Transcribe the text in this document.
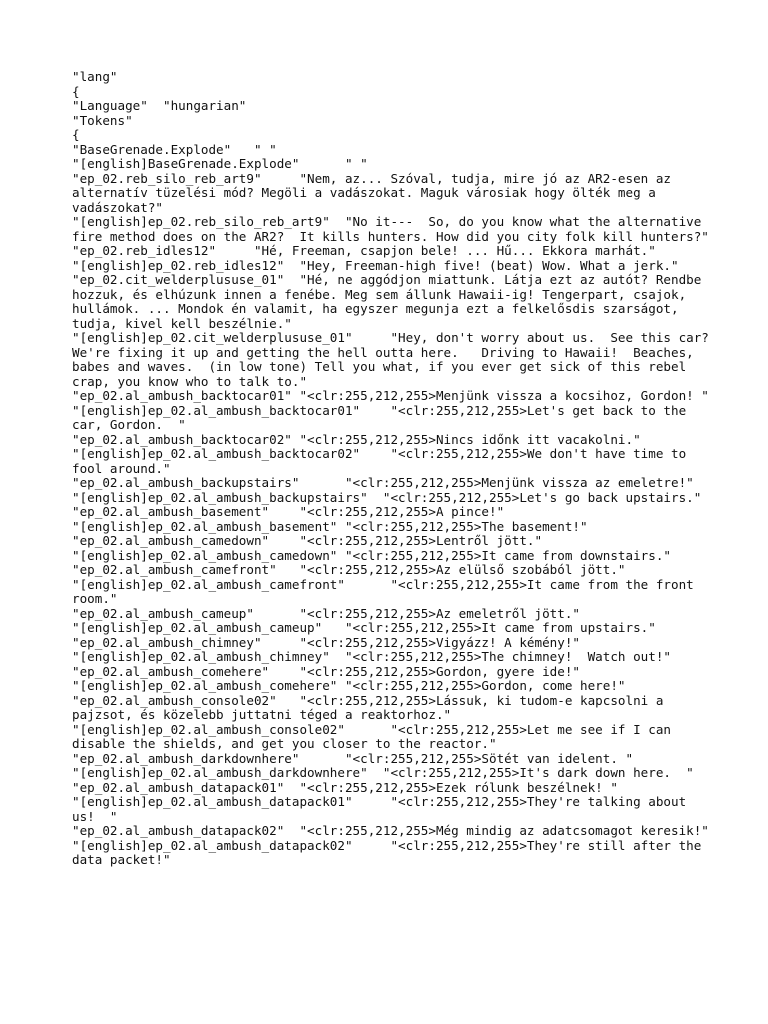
"lang"
{
"Language"  "hungarian"
"Tokens"
{
"BaseGrenade.Explode"   " "
"[english]BaseGrenade.Explode"      " "
"ep_02.reb_silo_reb_art9"     "Nem, az... Szóval, tudja, mire jó az AR2-esen az alternatív tüzelési mód? Megöli a vadászokat. Maguk városiak hogy ölték meg a vadászokat?"
"[english]ep_02.reb_silo_reb_art9"  "No it---  So, do you know what the alternative fire method does on the AR2?  It kills hunters. How did you city folk kill hunters?"
"ep_02.reb_idles12"     "Hé, Freeman, csapjon bele! ... Hű... Ekkora marhát."
"[english]ep_02.reb_idles12"  "Hey, Freeman-high five! (beat) Wow. What a jerk."
"ep_02.cit_welderplususe_01"  "Hé, ne aggódjon miattunk. Látja ezt az autót? Rendbe hozzuk, és elhúzunk innen a fenébe. Meg sem állunk Hawaii-ig! Tengerpart, csajok, hullámok. ... Mondok én valamit, ha egyszer megunja ezt a felkelősdis szarságot, tudja, kivel kell beszélnie."
"[english]ep_02.cit_welderplususe_01"     "Hey, don't worry about us.  See this car?  We're fixing it up and getting the hell outta here.   Driving to Hawaii!  Beaches, babes and waves.  (in low tone) Tell you what, if you ever get sick of this rebel crap, you know who to talk to."
"ep_02.al_ambush_backtocar01" "<clr:255,212,255>Menjünk vissza a kocsihoz, Gordon! "
"[english]ep_02.al_ambush_backtocar01"    "<clr:255,212,255>Let's get back to the car, Gordon.  "
"ep_02.al_ambush_backtocar02" "<clr:255,212,255>Nincs időnk itt vacakolni."
"[english]ep_02.al_ambush_backtocar02"    "<clr:255,212,255>We don't have time to fool around."
"ep_02.al_ambush_backupstairs"      "<clr:255,212,255>Menjünk vissza az emeletre!"
"[english]ep_02.al_ambush_backupstairs"  "<clr:255,212,255>Let's go back upstairs."
"ep_02.al_ambush_basement"    "<clr:255,212,255>A pince!"
"[english]ep_02.al_ambush_basement" "<clr:255,212,255>The basement!"
"ep_02.al_ambush_camedown"    "<clr:255,212,255>Lentről jött."
"[english]ep_02.al_ambush_camedown" "<clr:255,212,255>It came from downstairs."
"ep_02.al_ambush_camefront"   "<clr:255,212,255>Az elülső szobából jött."
"[english]ep_02.al_ambush_camefront"      "<clr:255,212,255>It came from the front room."
"ep_02.al_ambush_cameup"      "<clr:255,212,255>Az emeletről jött."
"[english]ep_02.al_ambush_cameup"   "<clr:255,212,255>It came from upstairs."
"ep_02.al_ambush_chimney"     "<clr:255,212,255>Vigyázz! A kémény!"
"[english]ep_02.al_ambush_chimney"  "<clr:255,212,255>The chimney!  Watch out!"
"ep_02.al_ambush_comehere"    "<clr:255,212,255>Gordon, gyere ide!"
"[english]ep_02.al_ambush_comehere" "<clr:255,212,255>Gordon, come here!"
"ep_02.al_ambush_console02"   "<clr:255,212,255>Lássuk, ki tudom-e kapcsolni a pajzsot, és közelebb juttatni téged a reaktorhoz."
"[english]ep_02.al_ambush_console02"      "<clr:255,212,255>Let me see if I can disable the shields, and get you closer to the reactor."
"ep_02.al_ambush_darkdownhere"      "<clr:255,212,255>Sötét van idelent. "
"[english]ep_02.al_ambush_darkdownhere"  "<clr:255,212,255>It's dark down here.  "
"ep_02.al_ambush_datapack01"  "<clr:255,212,255>Ezek rólunk beszélnek! "
"[english]ep_02.al_ambush_datapack01"     "<clr:255,212,255>They're talking about us!  "
"ep_02.al_ambush_datapack02"  "<clr:255,212,255>Még mindig az adatcsomagot keresik!"
"[english]ep_02.al_ambush_datapack02"     "<clr:255,212,255>They're still after the data packet!"
